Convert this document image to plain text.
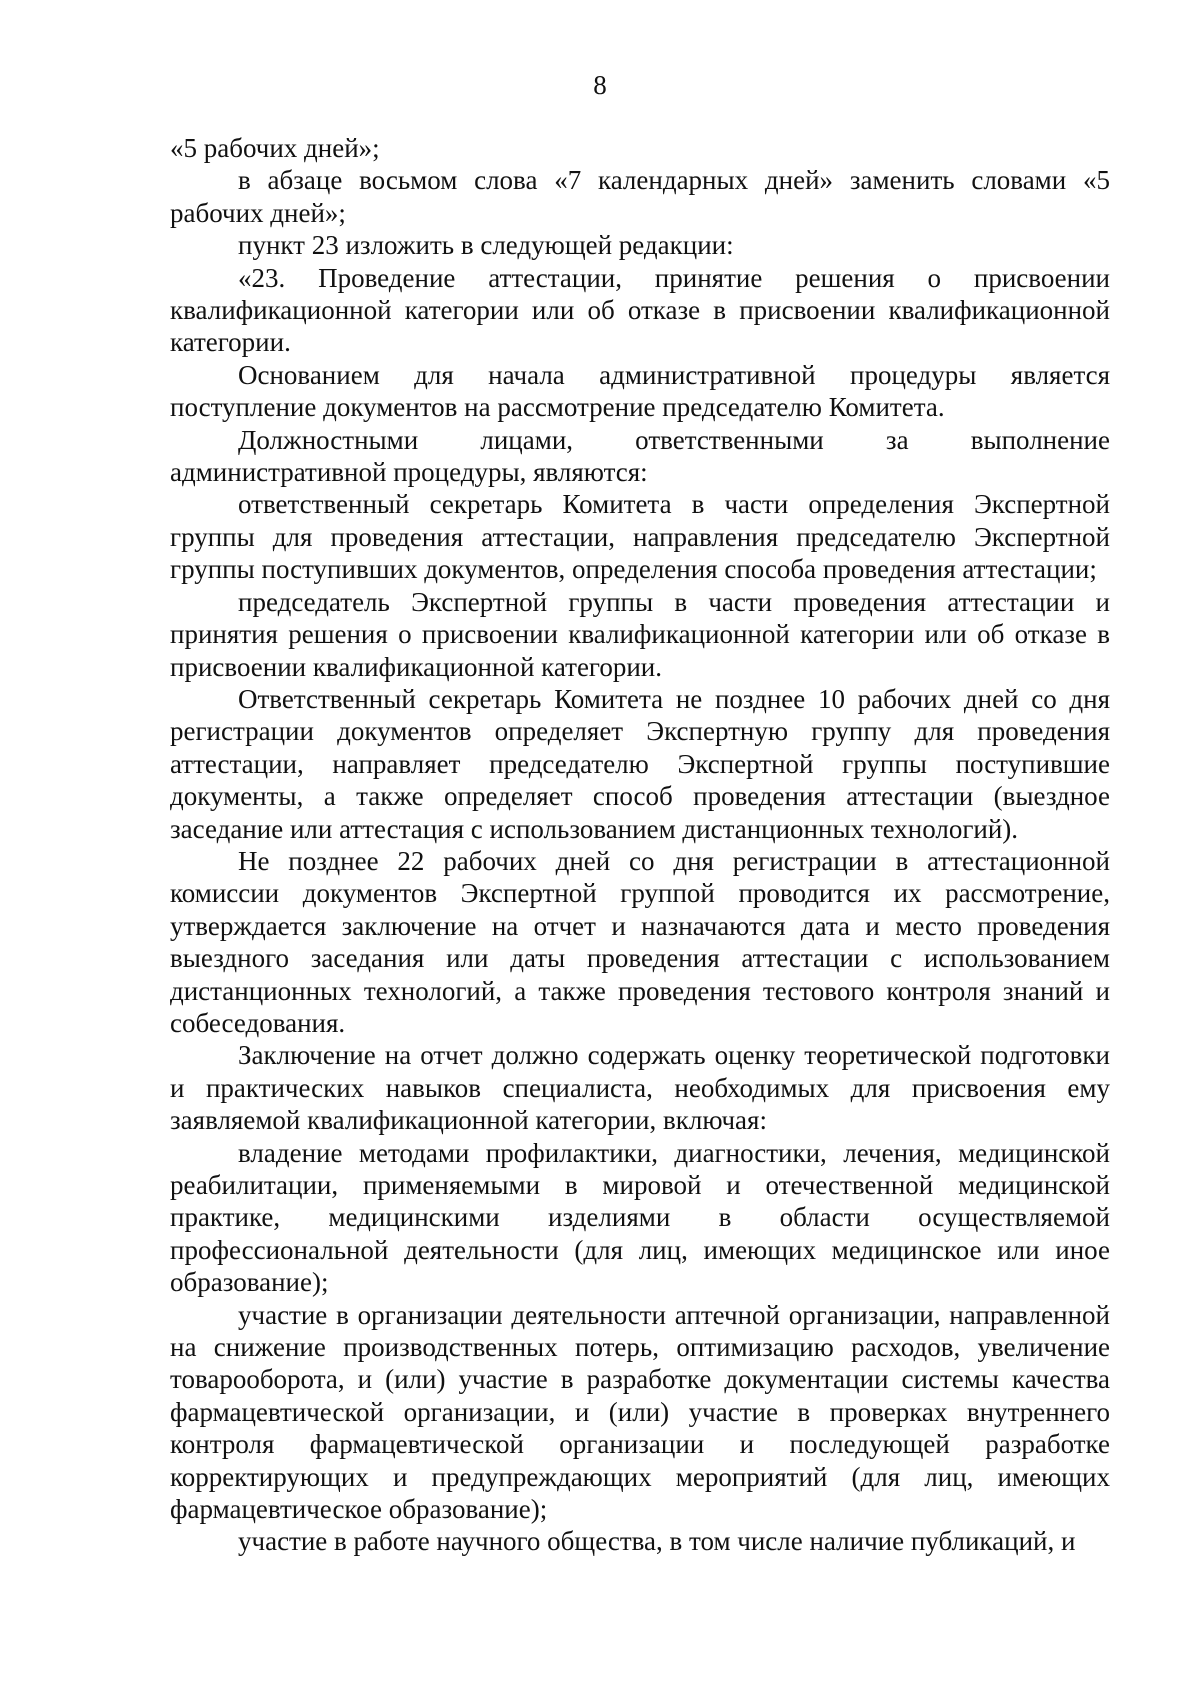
8

«5 рабочих дней»;

в абзаце восьмом слова «7 календарных дней» заменить словами «5 рабочих дней»;

пункт 23 изложить в следующей редакции:

«23. Проведение аттестации, принятие решения о присвоении квалификационной категории или об отказе в присвоении квалификационной категории.

Основанием для начала административной процедуры является поступление документов на рассмотрение председателю Комитета.

Должностными лицами, ответственными за выполнение административной процедуры, являются:

ответственный секретарь Комитета в части определения Экспертной группы для проведения аттестации, направления председателю Экспертной группы поступивших документов, определения способа проведения аттестации;

председатель Экспертной группы в части проведения аттестации и принятия решения о присвоении квалификационной категории или об отказе в присвоении квалификационной категории.

Ответственный секретарь Комитета не позднее 10 рабочих дней со дня регистрации документов определяет Экспертную группу для проведения аттестации, направляет председателю Экспертной группы поступившие документы, а также определяет способ проведения аттестации (выездное заседание или аттестация с использованием дистанционных технологий).

Не позднее 22 рабочих дней со дня регистрации в аттестационной комиссии документов Экспертной группой проводится их рассмотрение, утверждается заключение на отчет и назначаются дата и место проведения выездного заседания или даты проведения аттестации с использованием дистанционных технологий, а также проведения тестового контроля знаний и собеседования.

Заключение на отчет должно содержать оценку теоретической подготовки и практических навыков специалиста, необходимых для присвоения ему заявляемой квалификационной категории, включая:

владение методами профилактики, диагностики, лечения, медицинской реабилитации, применяемыми в мировой и отечественной медицинской практике, медицинскими изделиями в области осуществляемой профессиональной деятельности (для лиц, имеющих медицинское или иное образование);

участие в организации деятельности аптечной организации, направленной на снижение производственных потерь, оптимизацию расходов, увеличение товарооборота, и (или) участие в разработке документации системы качества фармацевтической организации, и (или) участие в проверках внутреннего контроля фармацевтической организации и последующей разработке корректирующих и предупреждающих мероприятий (для лиц, имеющих фармацевтическое образование);

участие в работе научного общества, в том числе наличие публикаций, и
